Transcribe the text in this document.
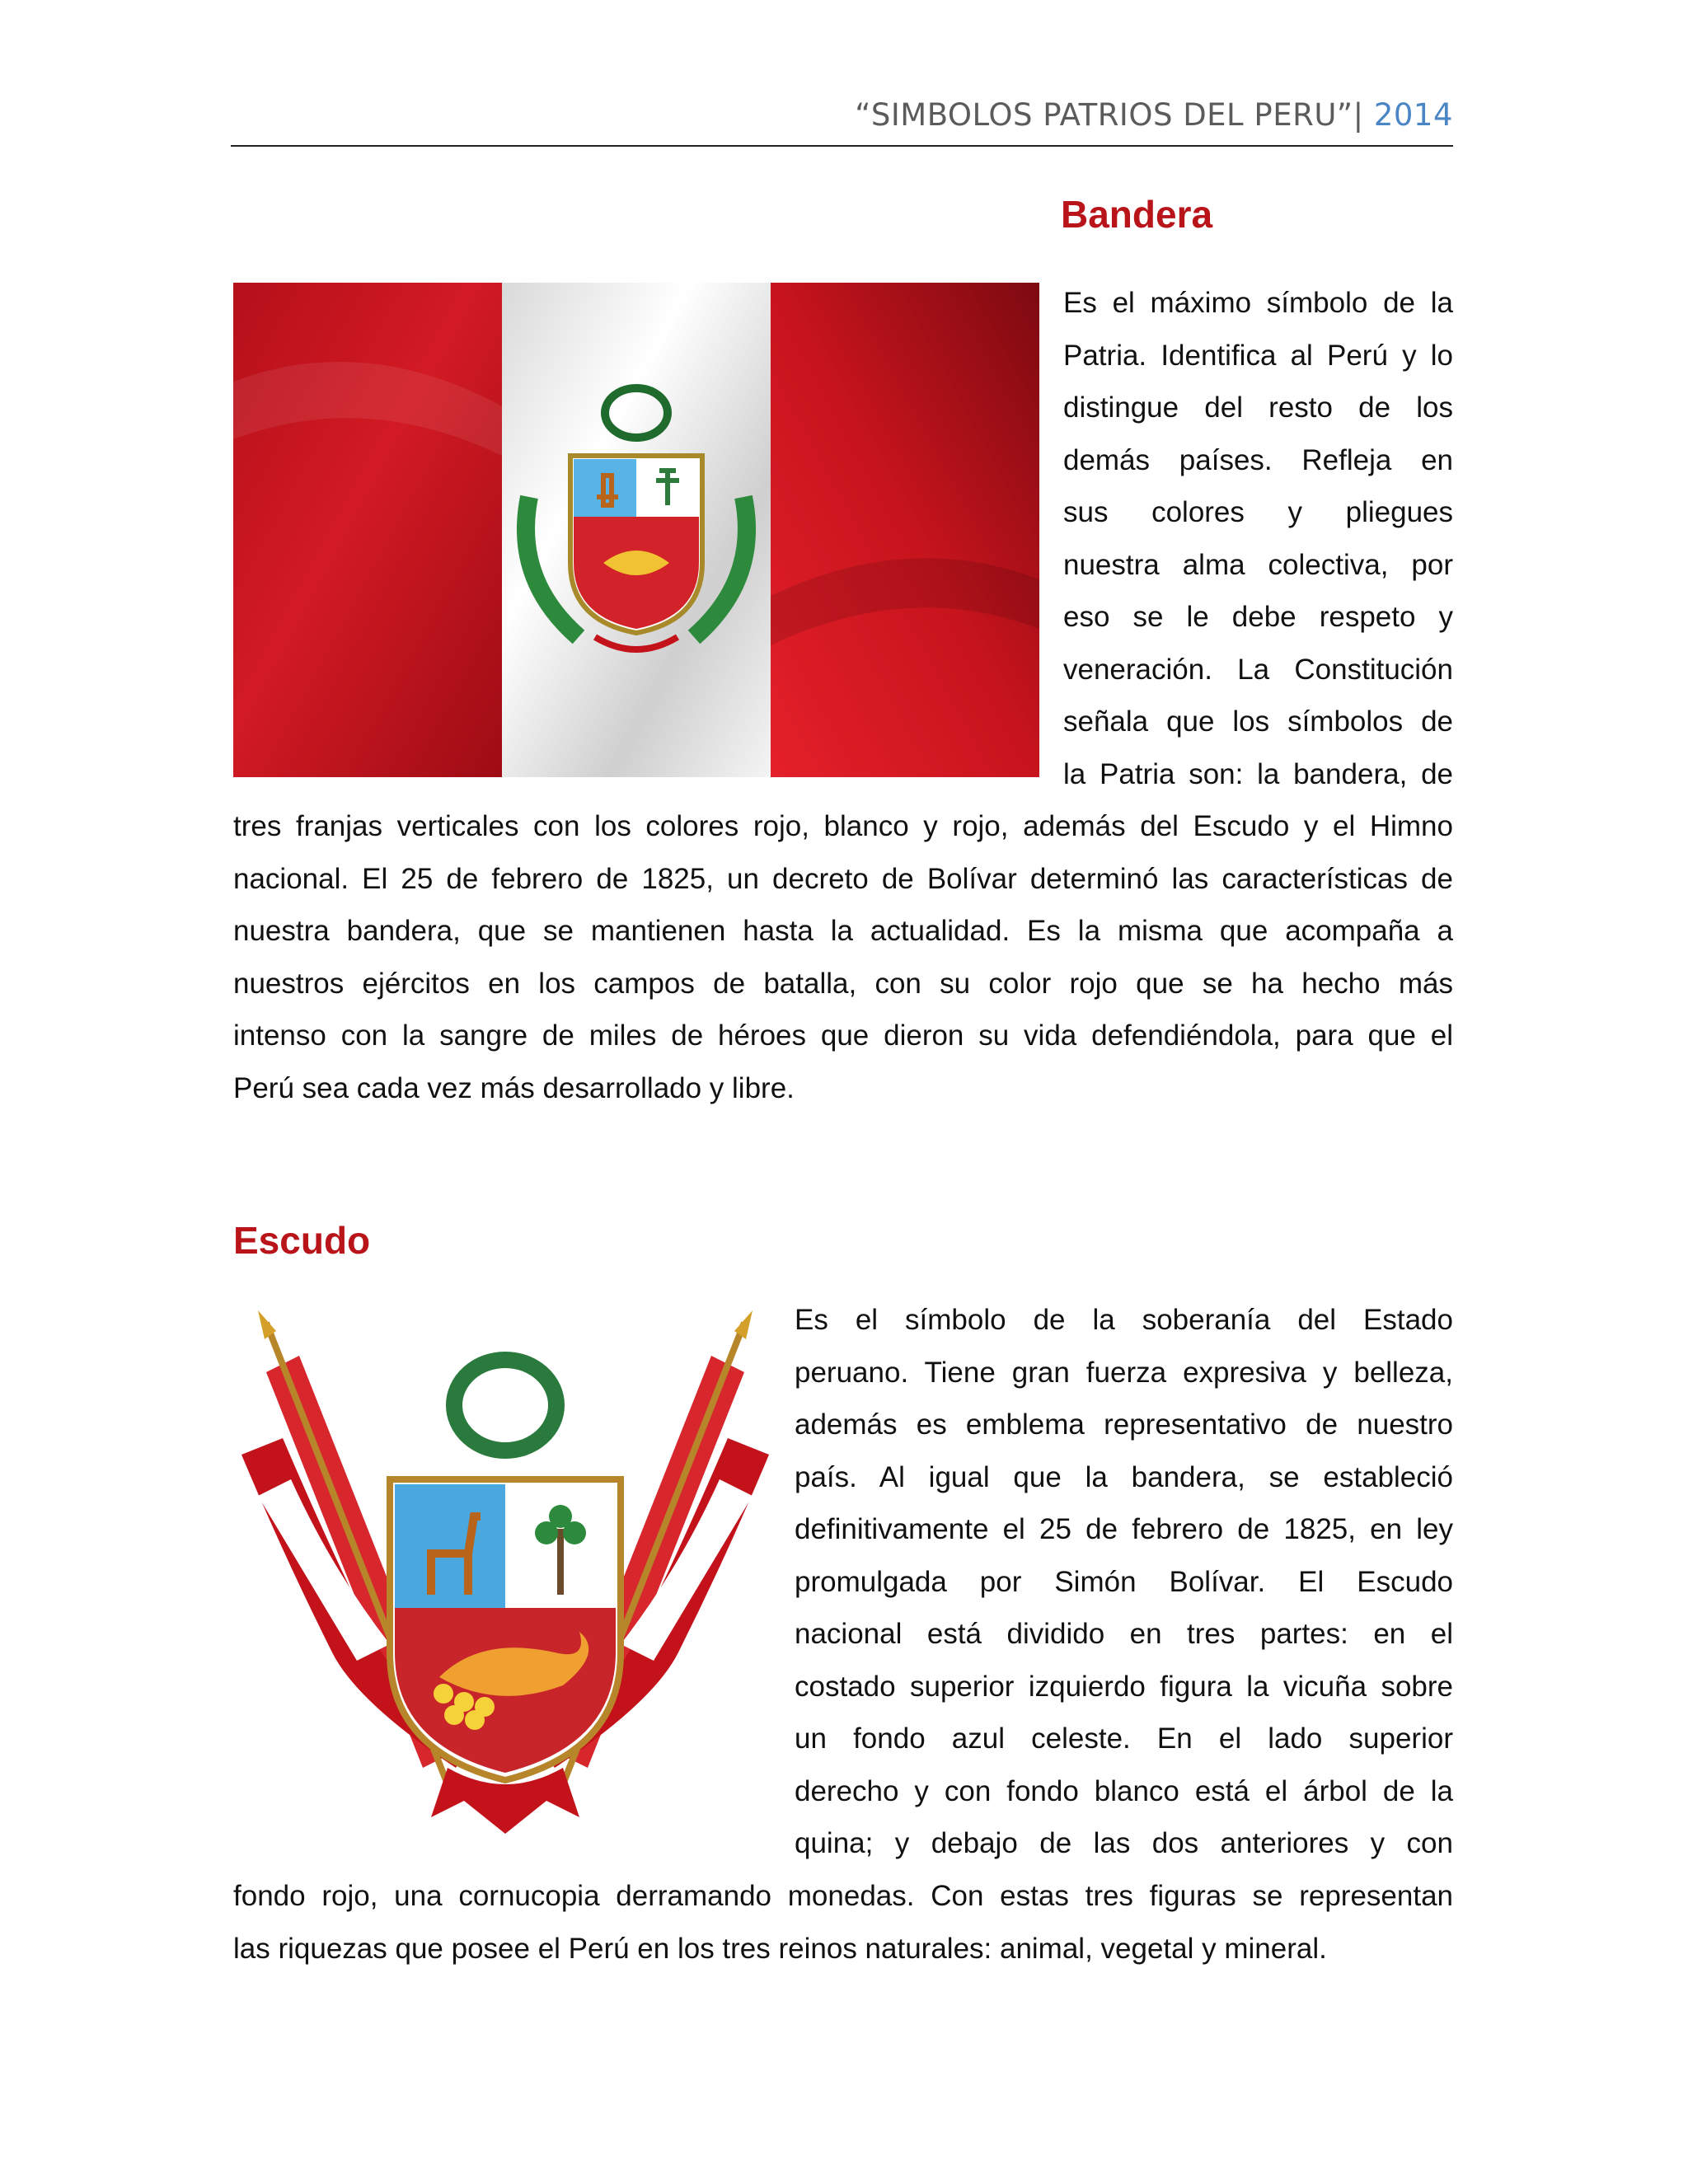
“SIMBOLOS PATRIOS DEL PERU”| 2014
Bandera

Es el máximo símbolo de la

Patria. Identifica al Perú y lo

distingue del resto de los

demás países. Refleja en

sus colores y pliegues

nuestra alma colectiva, por

eso se le debe respeto y

veneración. La Constitución

señala que los símbolos de

la Patria son: la bandera, de

tres franjas verticales con los colores rojo, blanco y rojo, además del Escudo y el Himno

nacional. El 25 de febrero de 1825, un decreto de Bolívar determinó las características de

nuestra bandera, que se mantienen hasta la actualidad. Es la misma que acompaña a

nuestros ejércitos en los campos de batalla, con su color rojo que se ha hecho más

intenso con la sangre de miles de héroes que dieron su vida defendiéndola, para que el

Perú sea cada vez más desarrollado y libre.

Escudo

Es el símbolo de la soberanía del Estado

peruano. Tiene gran fuerza expresiva y belleza,

además es emblema representativo de nuestro

país. Al igual que la bandera, se estableció

definitivamente el 25 de febrero de 1825, en ley

promulgada por Simón Bolívar. El Escudo

nacional está dividido en tres partes: en el

costado superior izquierdo figura la vicuña sobre

un fondo azul celeste. En el lado superior

derecho y con fondo blanco está el árbol de la

quina; y debajo de las dos anteriores y con

fondo rojo, una cornucopia derramando monedas. Con estas tres figuras se representan

las riquezas que posee el Perú en los tres reinos naturales: animal, vegetal y mineral.
